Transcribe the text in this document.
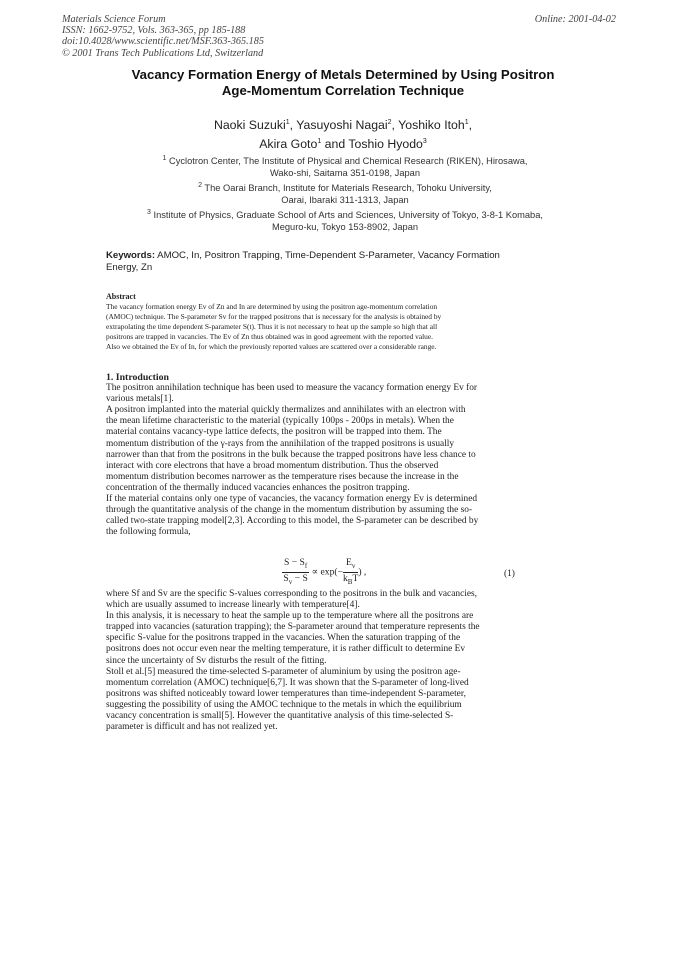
Materials Science Forum
ISSN: 1662-9752, Vols. 363-365, pp 185-188
doi:10.4028/www.scientific.net/MSF.363-365.185
© 2001 Trans Tech Publications Ltd, Switzerland
Online: 2001-04-02
Vacancy Formation Energy of Metals Determined by Using Positron
Age-Momentum Correlation Technique
Naoki Suzuki$^1$, Yasuyoshi Nagai$^2$, Yoshiko Itoh$^1$,
Akira Goto$^1$ and Toshio Hyodo$^3$
$^1$ Cyclotron Center, The Institute of Physical and Chemical Research (RIKEN), Hirosawa,
Wako-shi, Saitama 351-0198, Japan
$^2$ The Oarai Branch, Institute for Materials Research, Tohoku University,
Oarai, Ibaraki 311-1313, Japan
$^3$ Institute of Physics, Graduate School of Arts and Sciences, University of Tokyo, 3-8-1 Komaba,
Meguro-ku, Tokyo 153-8902, Japan
Keywords: AMOC, In, Positron Trapping, Time-Dependent S-Parameter, Vacancy Formation
Energy, Zn
Abstract
The vacancy formation energy Ev of Zn and In are determined by using the positron age-momentum correlation
(AMOC) technique. The S-parameter Sv for the trapped positrons that is necessary for the analysis is obtained by
extrapolating the time dependent S-parameter S(t). Thus it is not necessary to heat up the sample so high that all
positrons are trapped in vacancies. The Ev of Zn thus obtained was in good agreement with the reported value.
Also we obtained the Ev of In, for which the previously reported values are scattered over a considerable range.
1. Introduction
The positron annihilation technique has been used to measure the vacancy formation energy Ev for
various metals[1].
A positron implanted into the material quickly thermalizes and annihilates with an electron with
the mean lifetime characteristic to the material (typically 100ps - 200ps in metals). When the
material contains vacancy-type lattice defects, the positron will be trapped into them. The
momentum distribution of the γ-rays from the annihilation of the trapped positrons is usually
narrower than that from the positrons in the bulk because the trapped positrons have less chance to
interact with core electrons that have a broad momentum distribution. Thus the observed
momentum distribution becomes narrower as the temperature rises because the increase in the
concentration of the thermally induced vacancies enhances the positron trapping.
If the material contains only one type of vacancies, the vacancy formation energy Ev is determined
through the quantitative analysis of the change in the momentum distribution by assuming the so-
called two-state trapping model[2,3]. According to this model, the S-parameter can be described by
the following formula,
$\frac{S - S_f}{S_v - S} \propto \exp(- \frac{E_v}{k_BT}$ ) ,	(1)
where Sf and Sv are the specific S-values corresponding to the positrons in the bulk and vacancies,
which are usually assumed to increase linearly with temperature[4].
In this analysis, it is necessary to heat the sample up to the temperature where all the positrons are
trapped into vacancies (saturation trapping); the S-parameter around that temperature represents the
specific S-value for the positrons trapped in the vacancies. When the saturation trapping of the
positrons does not occur even near the melting temperature, it is rather difficult to determine Ev
since the uncertainty of Sv disturbs the result of the fitting.
Stoll et al.[5] measured the time-selected S-parameter of aluminium by using the positron age-
momentum correlation (AMOC) technique[6,7]. It was shown that the S-parameter of long-lived
positrons was shifted noticeably toward lower temperatures than time-independent S-parameter,
suggesting the possibility of using the AMOC technique to the metals in which the equilibrium
vacancy concentration is small[5]. However the quantitative analysis of this time-selected S-
parameter is difficult and has not realized yet.
